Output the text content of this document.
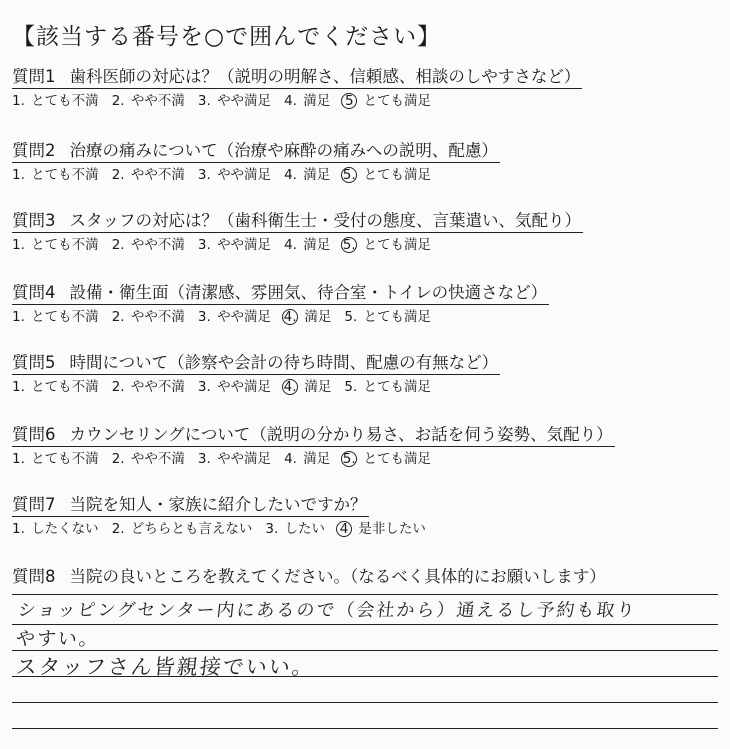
【該当する番号を○で囲んでください】
質問1 歯科医師の対応は？（説明の明解さ、信頼感、相談のしやすさなど）
1. とても不満 2. やや不満 3. やや満足 4. 満足 5 とても満足
質問2 治療の痛みについて（治療や麻酔の痛みへの説明、配慮）
1. とても不満 2. やや不満 3. やや満足 4. 満足 5. とても満足
質問3 スタッフの対応は？（歯科衛生士・受付の態度、言葉遣い、気配り）
1. とても不満 2. やや不満 3. やや満足 4. 満足 5. とても満足
質問4 設備・衛生面（清潔感、雰囲気、待合室・トイレの快適さなど）
1. とても不満 2. やや不満 3. やや満足 4. 満足 5. とても満足
質問5 時間について（診察や会計の待ち時間、配慮の有無など）
1. とても不満 2. やや不満 3. やや満足 4. 満足 5. とても満足
質問6 カウンセリングについて（説明の分かり易さ、お話を伺う姿勢、気配り）
1. とても不満 2. やや不満 3. やや満足 4. 満足 5. とても満足
質問7 当院を知人・家族に紹介したいですか？
1. したくない 2. どちらとも言えない 3. したい 4 是非したい
質問8 当院の良いところを教えてください。（なるべく具体的にお願いします）
ショッピングセンター内にあるので（会社から）通えるし予約も取り
やすい。
スタッフさん皆親接でいい。
